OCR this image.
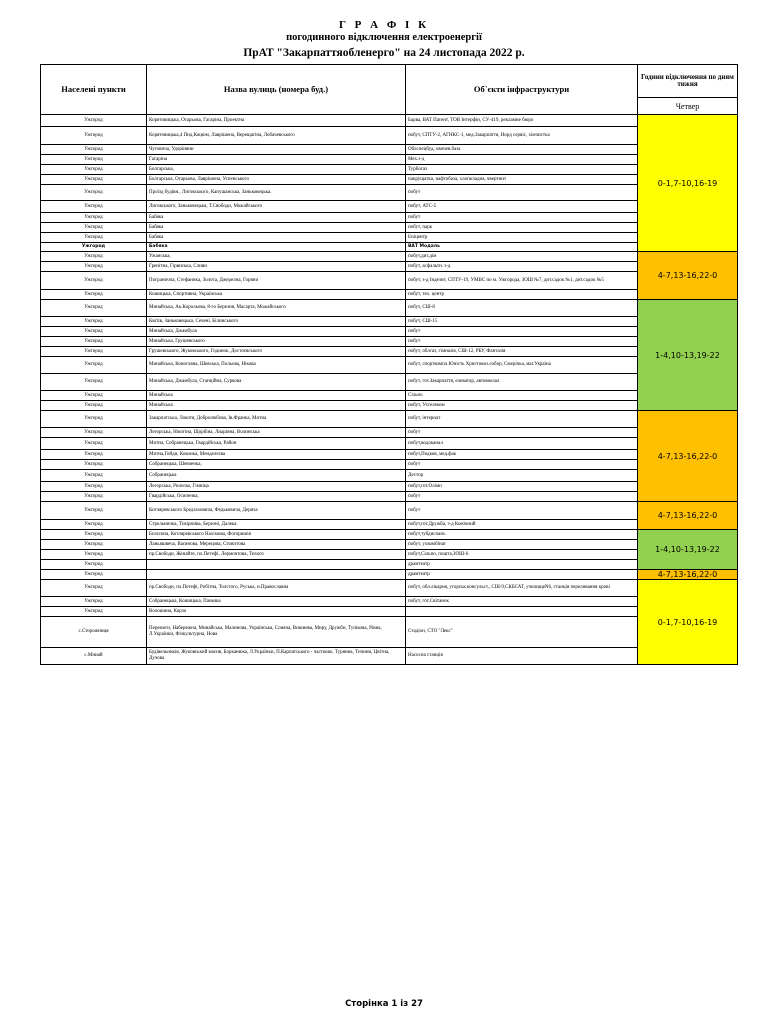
Г Р А Ф І К
погодинного відключення електроенергії
ПрАТ "Закарпаттяобленерго" на 24 листопада 2022 р.
Населені пункти	Назва вулиць (номера буд.)	Об`єкти інфраструктури	Години відключення по дням тижня
			Четвер
Ужгород	Корятовицька, Огарьова, Гагаріна, Проектна	Барва, ВАТ Патент, ТОВ Інтерфін, СУ-419, рекламне бюро	0-1,7-10,16-19
Ужгород	Корятовицька,4 Пид.Коцюм, Лаврішена, Верещагіна, Лобачевського	побут, СПТУ-2, АГНКС-1, мед.Закарпаття, Норд сервіс, хімчистка	
Ужгород	Чуговича, Удоріняни	Облспецбуд, овочев.база	
Ужгород	Гагаріна	Мех.з-д	
Ужгород	Болгарська,	Турбогаз	
Ужгород	Болгарська, Огарьова, Лаврішена, Успенського	пакрущатка, нафтобаза, хлопкладна, чвертнит	
Ужгород	Проїзд будівн., Лиговського, Капушанська, Заньковецька.	побут	
Ужгород	Лиговського, Заньковецька, Т.Свободи, Можайського	побут, АТС-5	
Ужгород	Бабяка	побут	
Ужгород	Бабяка	побут, парк	
Ужгород	Бабяка	Епіцентр	
Ужгород	Бабяка	ВАТ Модаль	
Ужгород	Ужанська,	побут,дит.дім	4-7,13-16,22-0
Ужгород	Гренітна, Гірвиська, Сливн	побут, асфальтн. з-д	
Ужгород	Пограничча, Стефаника, Золота, Джерелна, Горяни	побут, з-д Індезит, СПТУ-19, УМВС по м. Ужгорода, ЗОШ №7, дит.садок №1, дит.садок №5	
Ужгород	Кошицька, Спортивна, Українська	побут, тех. центр	
Ужгород	Минайська, Ак.Корольова, 8-го Березня, Масарта, Можайського	побут, СШ-8	1-4,10-13,19-22
Ужгород	Квітів, Заньковецька, Сечені, Білинського	побут, СШ-15	
Ужгород	Минайська, Джамбула	побут	
Ужгород	Минайська, Грушевського	побут	
Ужгород	Грушевського, Жуковського, Годинок, Достоєвського	побут, облгаз, гімназія, СШ-12, РБУ, Фантазія	
Ужгород	Минайська, Коногляна, Шевська, Польова, Нікова	побут, спорткомпл.Юність Христовоз.собор, Смерічка, маг.Україна	
Ужгород	Минайська, Джамбула, Станційна, Суркова	побут, гот.Закарпаття, елеватор, автовокзал	
Ужгород	Минайська	Сільпо	
Ужгород	Минайська	побут, Ухтелеком	
Ужгород	Закарпатська, Локотя, Добролюбова, Ів.Франка, Митна	побут, інтернат	4-7,13-16,22-0
Ужгород	Легорська, Нікотіна, Щорбіна, Лиаріяна, Волинська	побут	
Ужгород	Митна, Собранецька, Гвардійська, Район	побут,водоканал	
Ужгород	Митна,Гойди, Коконка, Менделєєва	побут,Подков, мед.фак	
Ужгород	Собранецька, Шевченка,	побут	
Ужгород	Собранецька	Дестор	
Ужгород	Легорська, Рилєєва, Гімніца	побут,гот.Олімп	
Ужгород	Гвардійська, Осипенка,	побут	
Ужгород	Котляревського Бредзаховича, Федьковича, Дериза	побут	4-7,13-16,22-0
Ужгород	Стрельничка, Тімірязіва, Березні, Далека	побут,гот.Дружба, з-д Комічний	
Ужгород	Бєлєскна, Котляревського Нахімова, Фогоришія	побут,тубдиспанс.	1-4,10-13,19-22
Ужгород	Ланьяшвеча, Васянова, Мерецова, Стовптова	побут, ухкомбінат	
Ужгород	пр.Свободи, Женайте, пл.Петефі, Лермонтова, Тихого	побут,Сільпо, пошта,ЗОШ-6	
Ужгород		драмтеатр	
Ужгород		драмтеатр	4-7,13-16,22-0
Ужгород	пр.Свободи, пл.Петефі, Робітна, Толстого, Руська, н.Православна	побут, обл.лікарня, угорськ.консульст., СШ-9,СКБСАТ, училищеN6, станція переливання крові	0-1,7-10,16-19
Ужгород	Собранецька, Кошицька, Паньчка	побут, гот.Світанок	
Ужгород	Волошина, Корзо		
с.Сторожниця	Перемоги, Набережна, Минайська, Малинова, Українська, Соняча, Вишнева, Миру, Дружби, Тупікова, Рівна, Л.Українки, Фізкультурна, Нова	Стадіон, СТО "Лекс"	
с.Минай	Будівельників, Жуковський масив, Борканюка, Л.Українки, П.Карпатського - частково, Турянна, Тичини, Цвітна, Дулова	Насосна станція	
Сторінка 1 із 27
